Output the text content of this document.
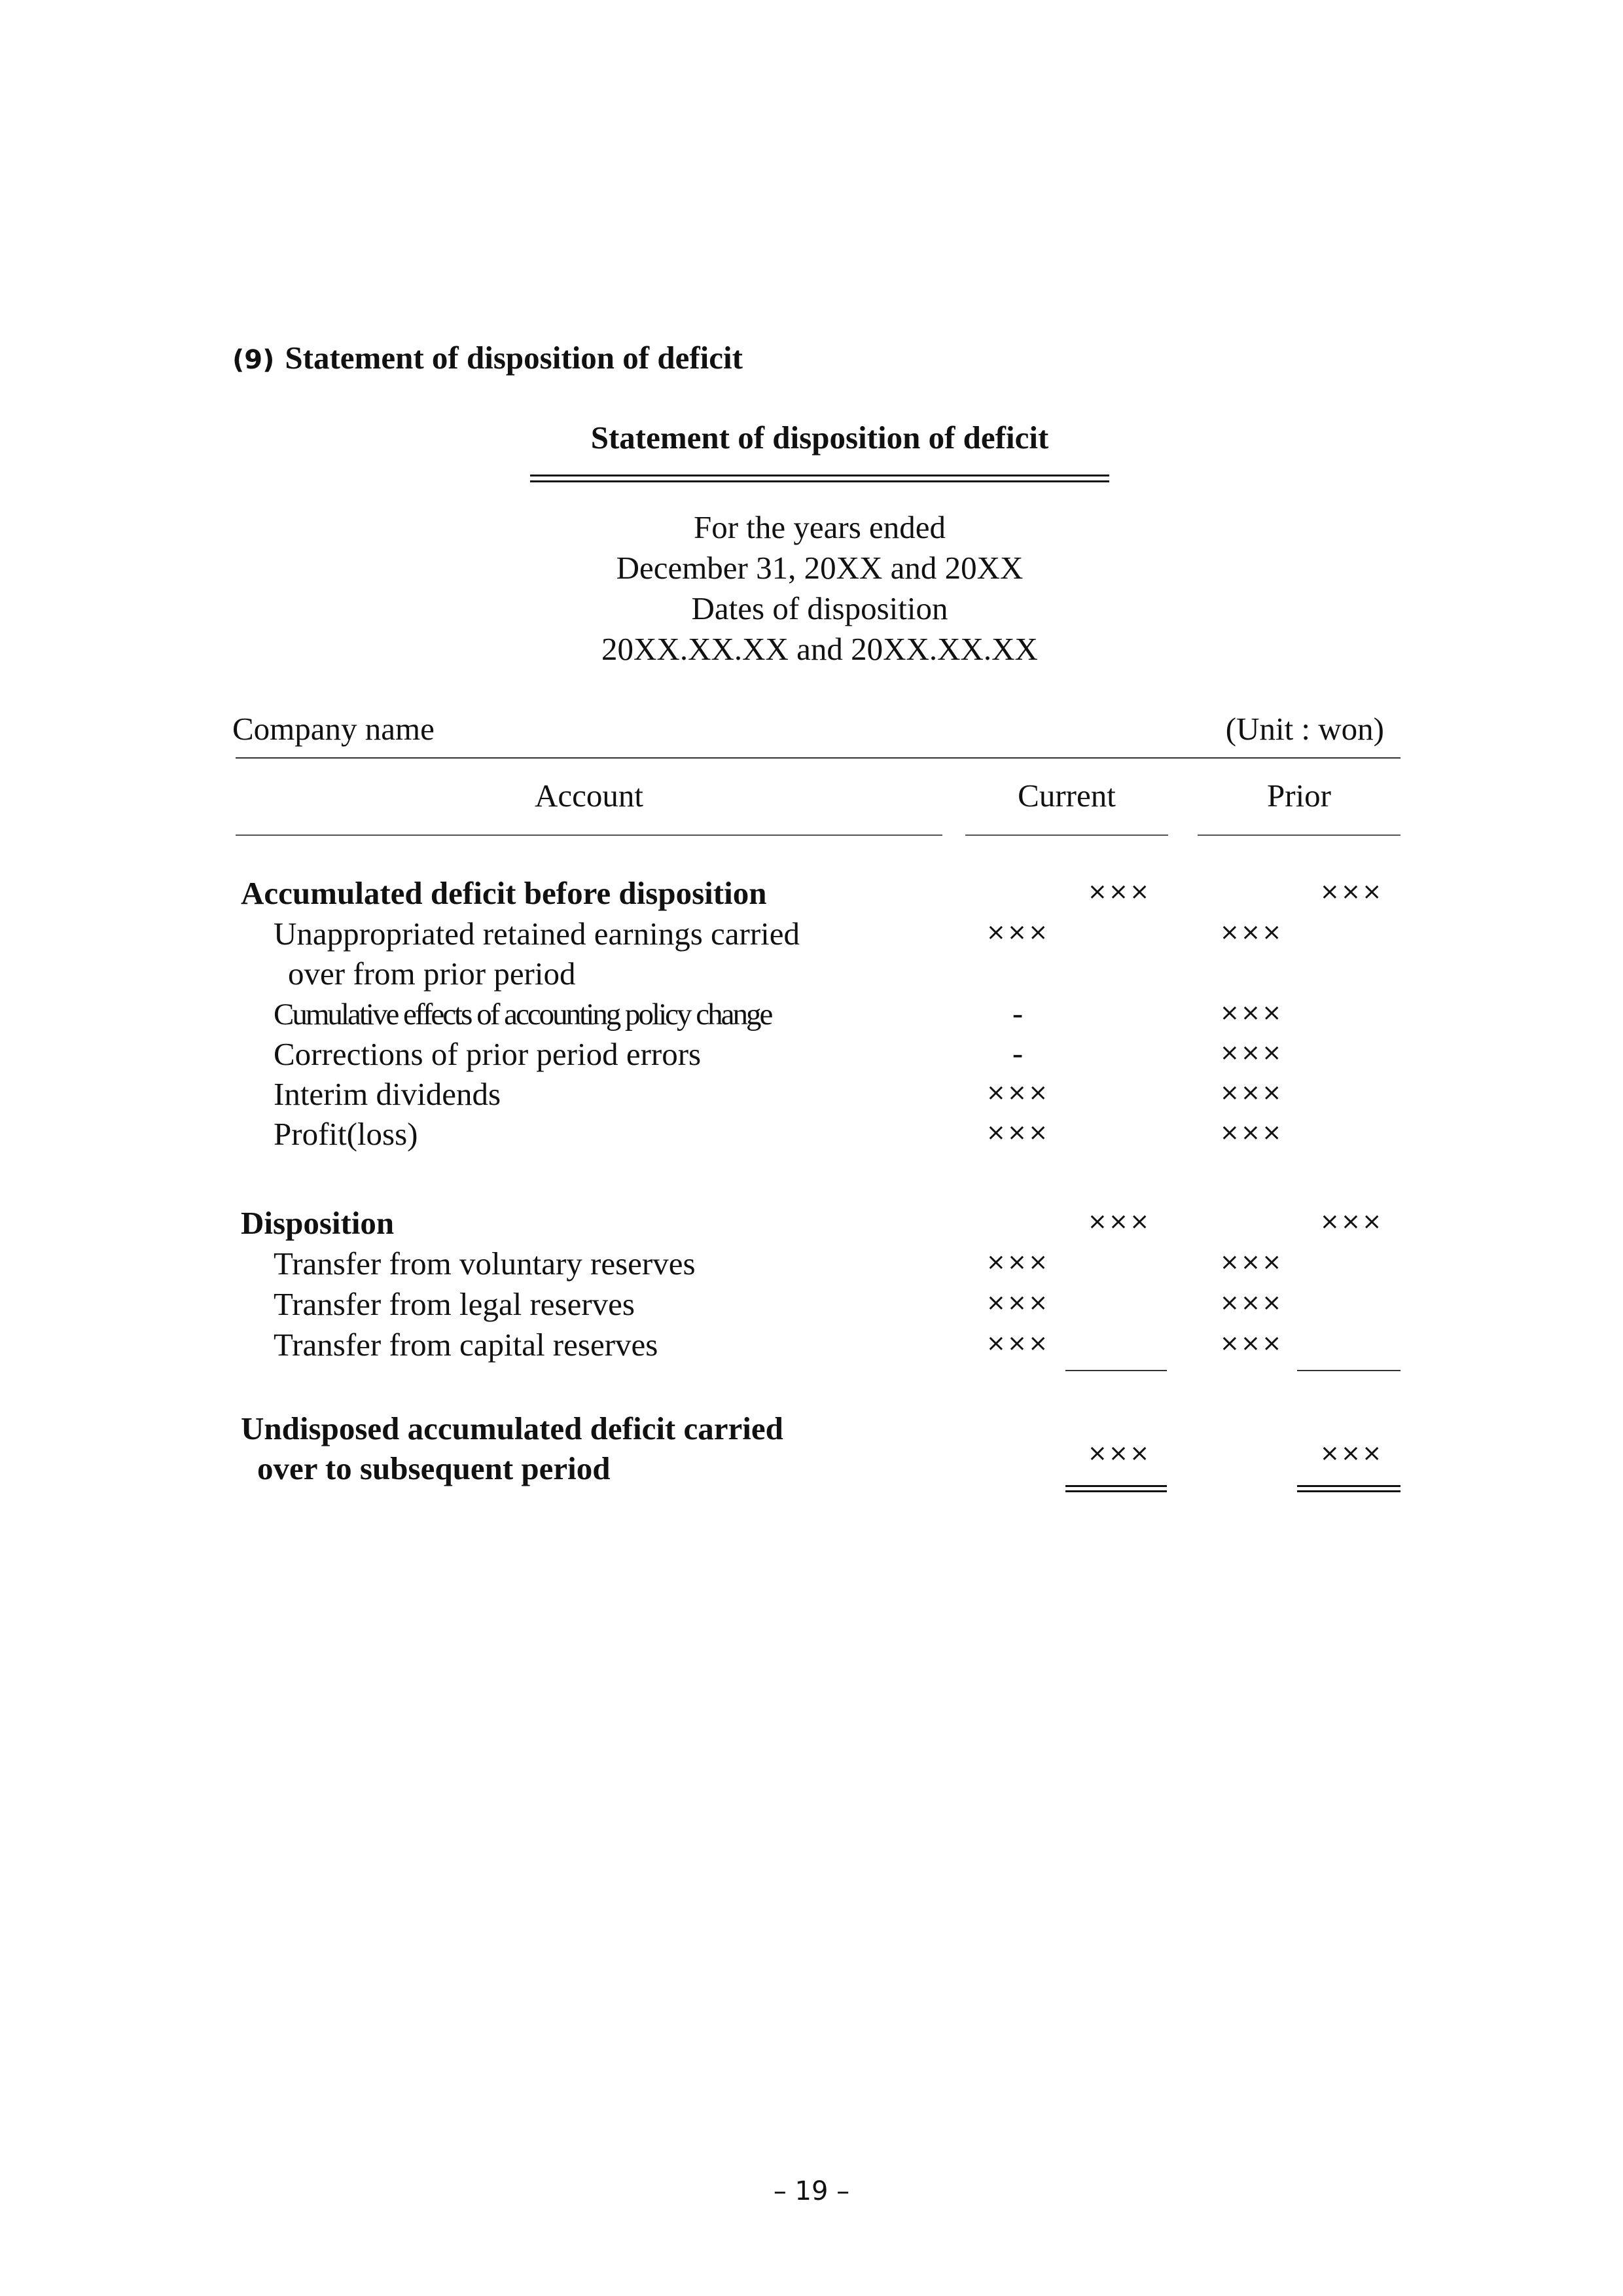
(9) Statement of disposition of deficit
Statement of disposition of deficit
For the years ended
December 31, 20XX and 20XX
Dates of disposition
20XX.XX.XX and 20XX.XX.XX
Company name	(Unit : won)
Account	Current	Prior
Accumulated deficit before disposition	×××	×××
Unappropriated retained earnings carried
over from prior period
×××	×××
Cumulative effects of accounting policy change	-	×××
Corrections of prior period errors	-	×××
Interim dividends	×××	×××
Profit(loss)	×××	×××
Disposition	×××	×××
Transfer from voluntary reserves	×××	×××
Transfer from legal reserves	×××	×××
Transfer from capital reserves	×××	×××
Undisposed accumulated deficit carried
over to subsequent period	×××	×××
– 19 –
